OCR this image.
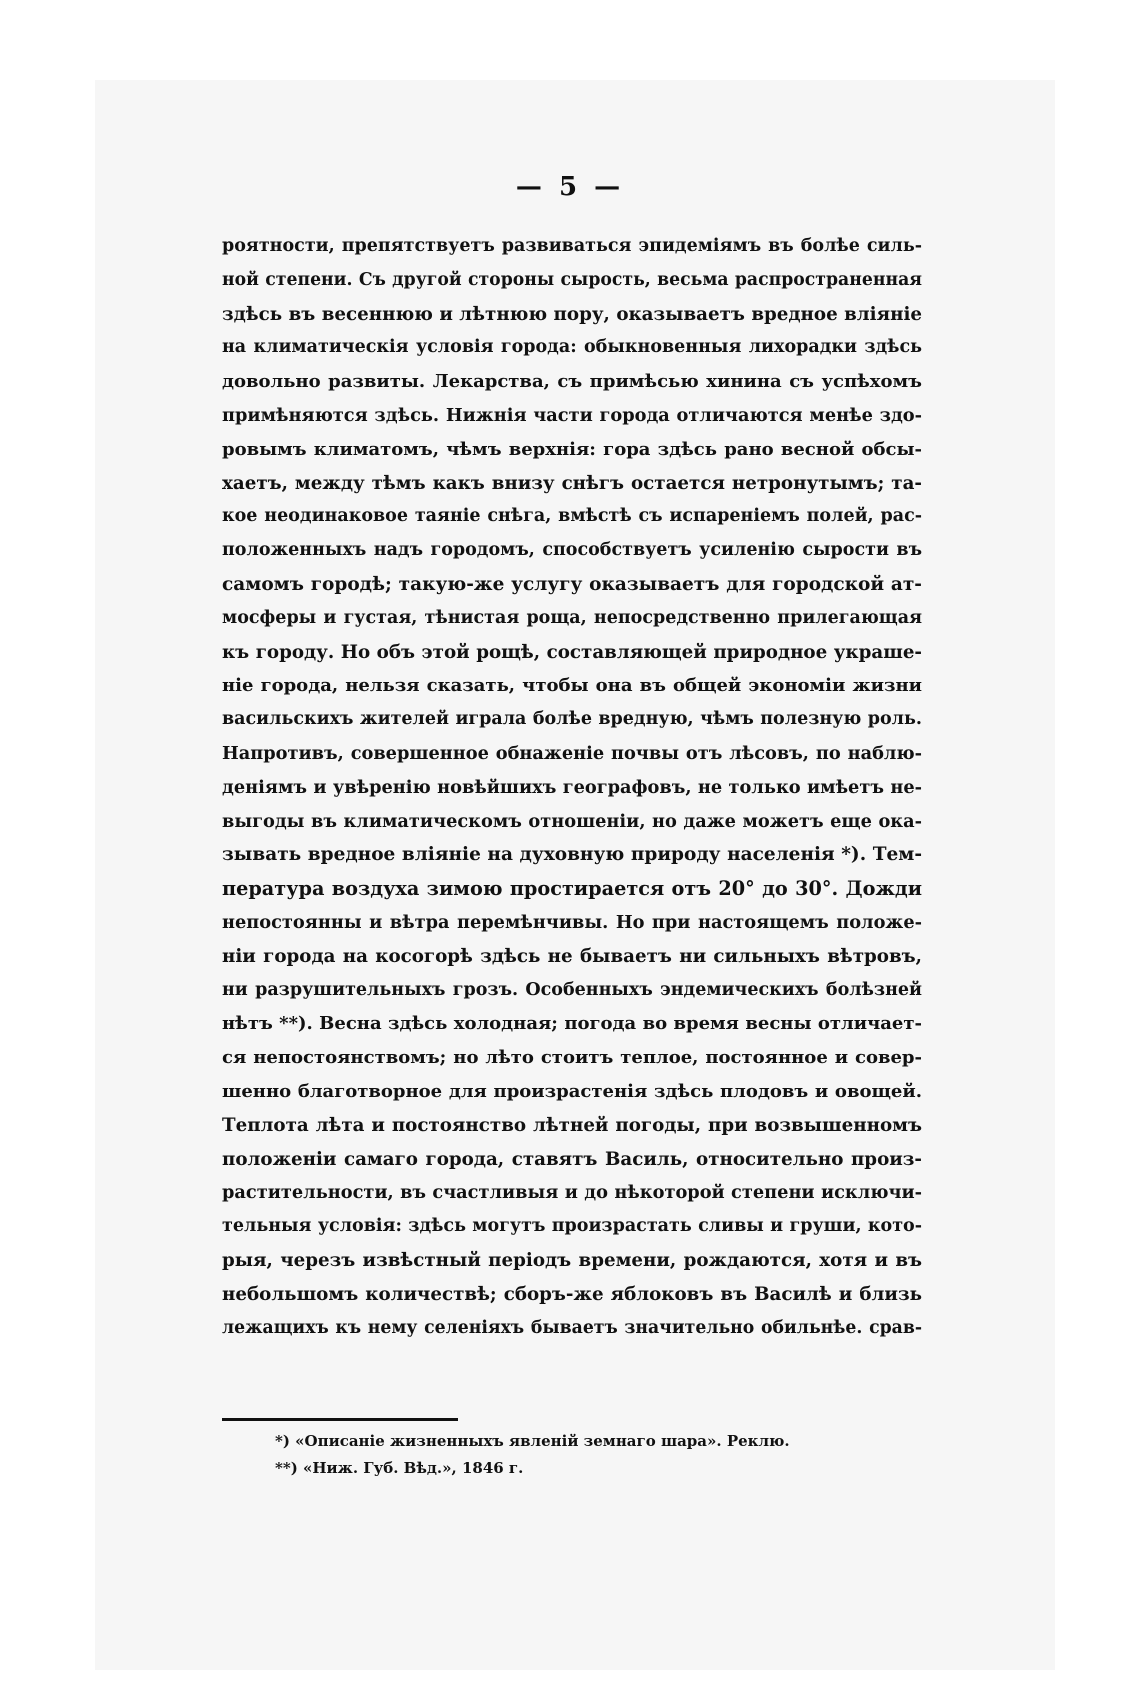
— 5 —
роятности, препятствуетъ развиваться эпидеміямъ въ болѣе силь-
ной степени. Съ другой стороны сырость, весьма распространенная
здѣсь въ весеннюю и лѣтнюю пору, оказываетъ вредное вліяніе
на климатическія условія города: обыкновенныя лихорадки здѣсь
довольно развиты. Лекарства, съ примѣсью хинина съ успѣхомъ
примѣняются здѣсь. Нижнія части города отличаются менѣе здо-
ровымъ климатомъ, чѣмъ верхнія: гора здѣсь рано весной обсы-
хаетъ, между тѣмъ какъ внизу снѣгъ остается нетронутымъ; та-
кое неодинаковое таяніе снѣга, вмѣстѣ съ испареніемъ полей, рас-
положенныхъ надъ городомъ, способствуетъ усиленію сырости въ
самомъ городѣ; такую-же услугу оказываетъ для городской ат-
мосферы и густая, тѣнистая роща, непосредственно прилегающая
къ городу. Но объ этой рощѣ, составляющей природное украше-
ніе города, нельзя сказать, чтобы она въ общей экономіи жизни
васильскихъ жителей играла болѣе вредную, чѣмъ полезную роль.
Напротивъ, совершенное обнаженіе почвы отъ лѣсовъ, по наблю-
деніямъ и увѣренію новѣйшихъ географовъ, не только имѣетъ не-
выгоды въ климатическомъ отношеніи, но даже можетъ еще ока-
зывать вредное вліяніе на духовную природу населенія *). Тем-
пература воздуха зимою простирается отъ 20° до 30°. Дожди
непостоянны и вѣтра перемѣнчивы. Но при настоящемъ положе-
ніи города на косогорѣ здѣсь не бываетъ ни сильныхъ вѣтровъ,
ни разрушительныхъ грозъ. Особенныхъ эндемическихъ болѣзней
нѣтъ **). Весна здѣсь холодная; погода во время весны отличает-
ся непостоянствомъ; но лѣто стоитъ теплое, постоянное и совер-
шенно благотворное для произрастенія здѣсь плодовъ и овощей.
Теплота лѣта и постоянство лѣтней погоды, при возвышенномъ
положеніи самаго города, ставятъ Василь, относительно произ-
растительности, въ счастливыя и до нѣкоторой степени исключи-
тельныя условія: здѣсь могутъ произрастать сливы и груши, кото-
рыя, черезъ извѣстный періодъ времени, рождаются, хотя и въ
небольшомъ количествѣ; сборъ-же яблоковъ въ Василѣ и близь
лежащихъ къ нему селеніяхъ бываетъ значительно обильнѣе. срав-
*) «Описаніе жизненныхъ явленій земнаго шара». Реклю.
**) «Ниж. Губ. Вѣд.», 1846 г.
